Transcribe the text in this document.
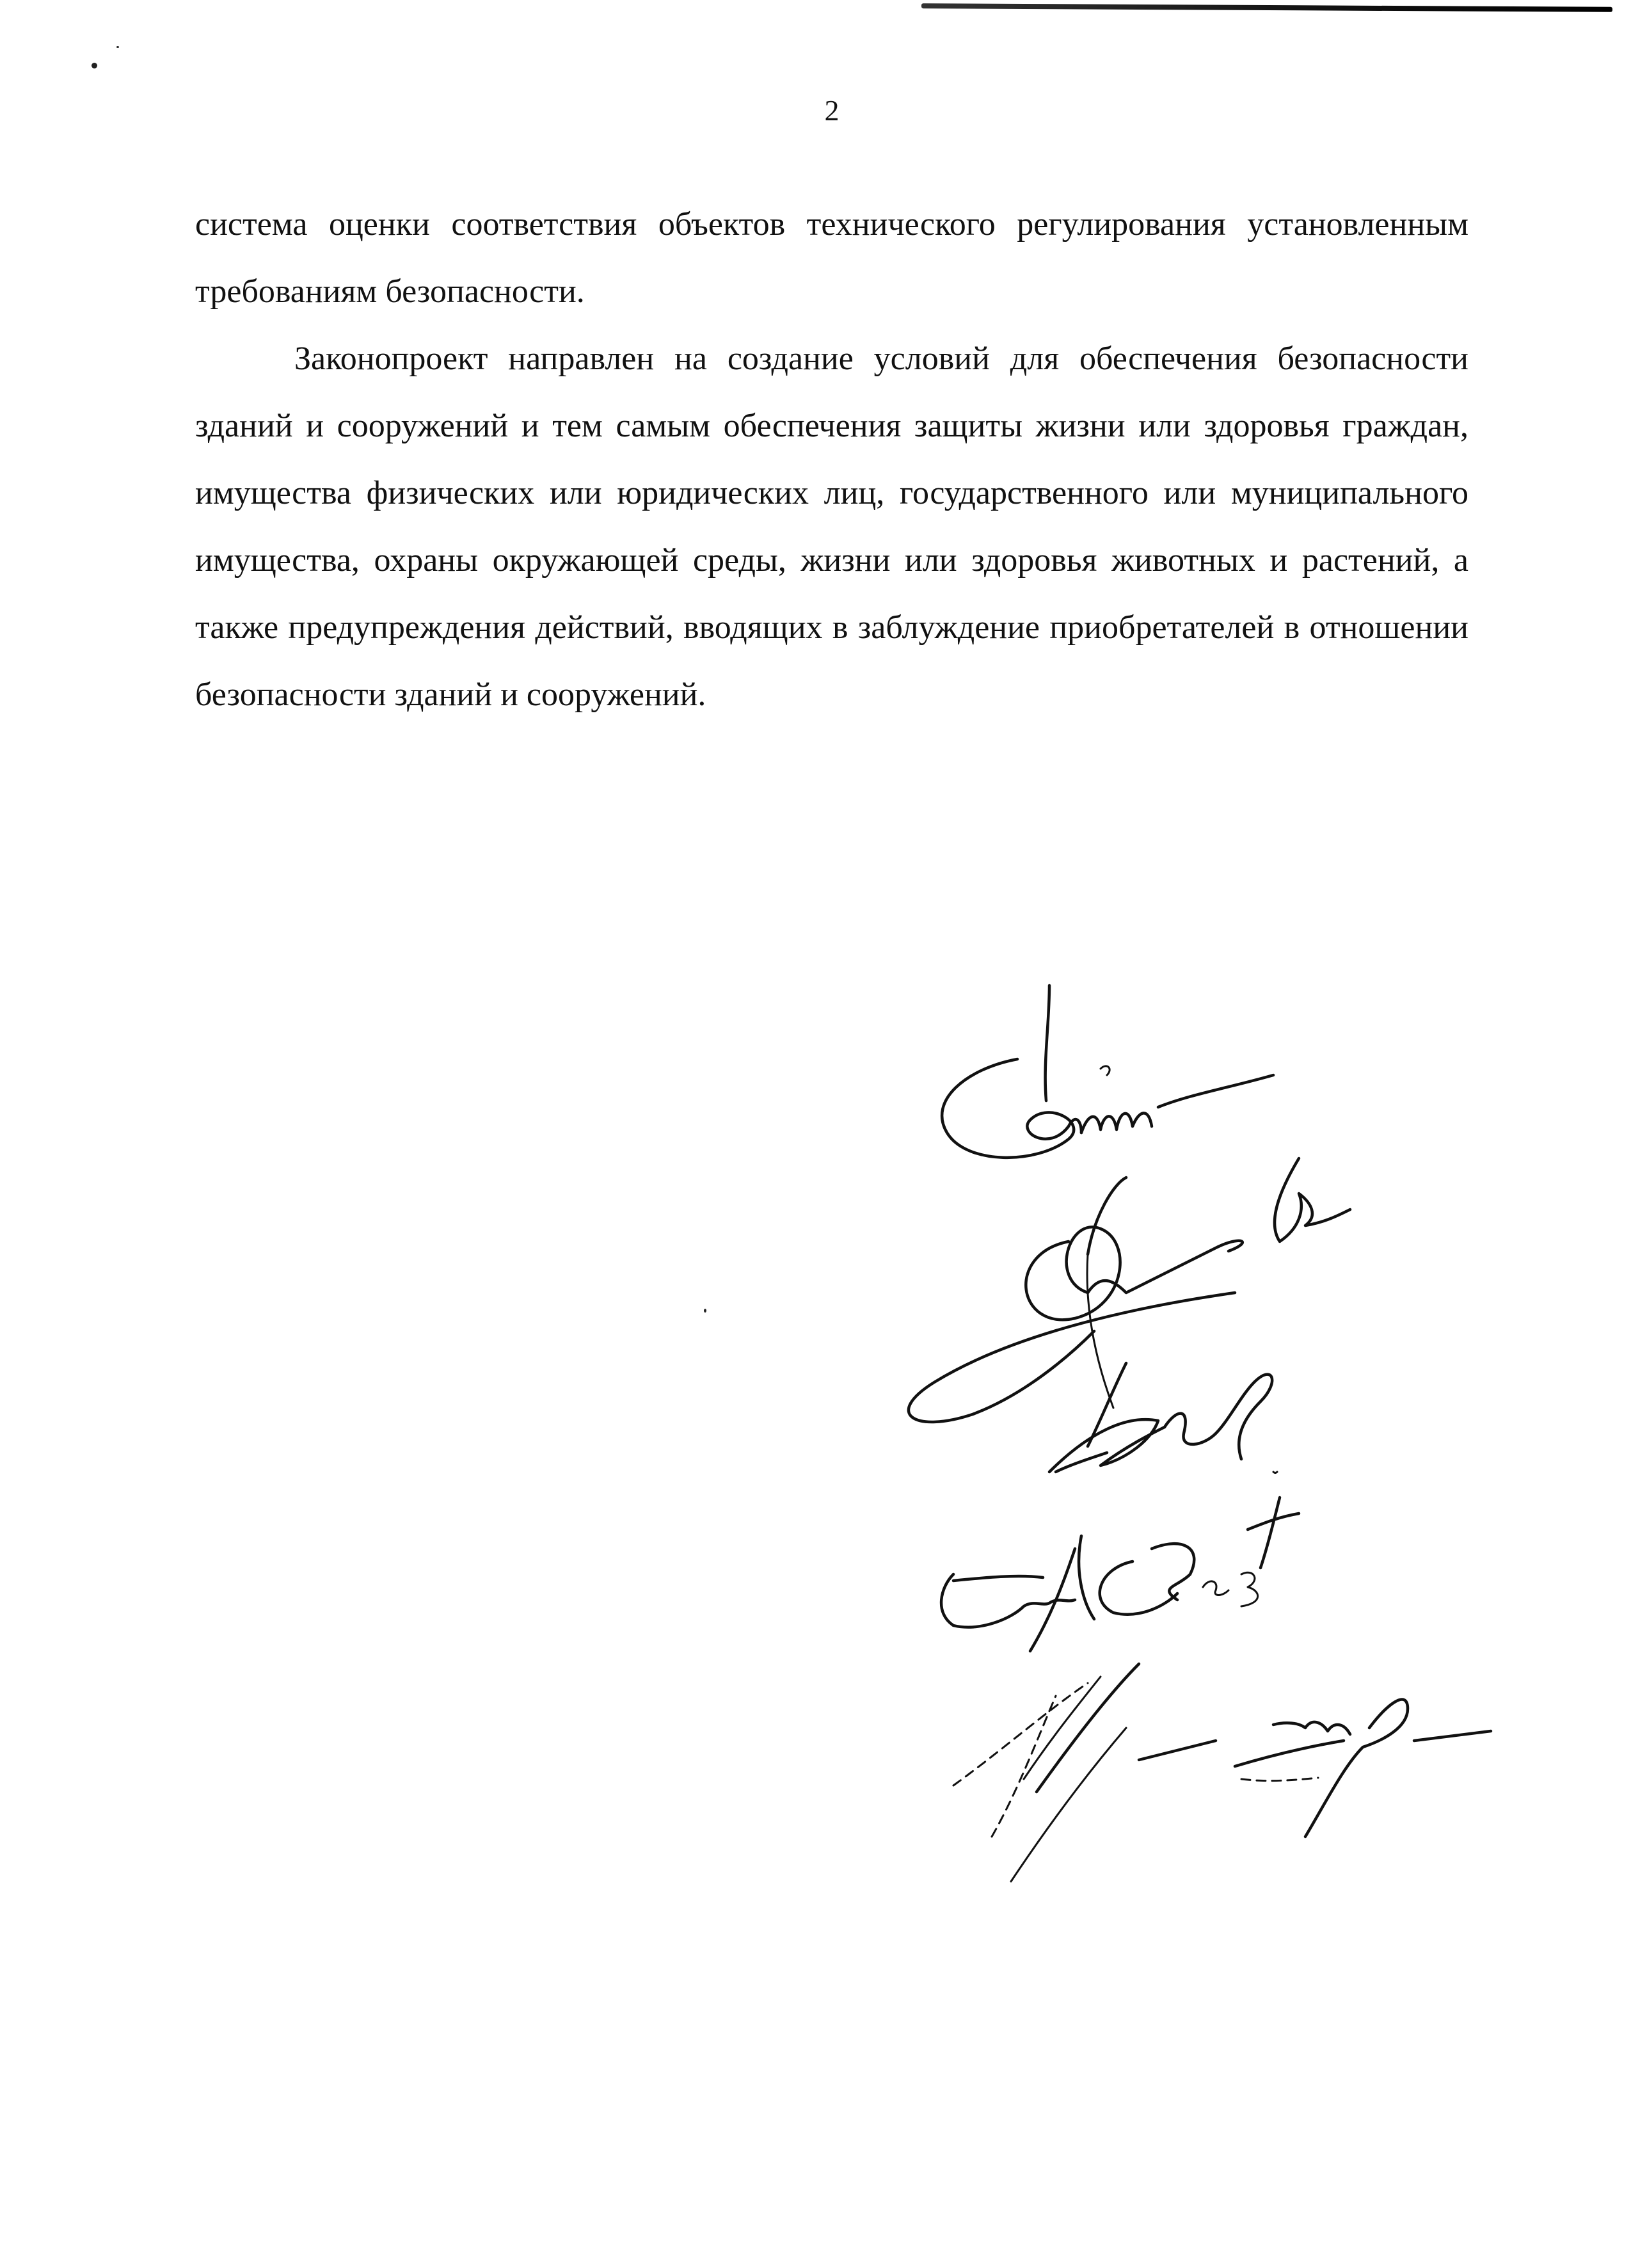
2

система оценки соответствия объектов технического регулирования установленным требованиям безопасности.

Законопроект направлен на создание условий для обеспечения безопасности зданий и сооружений и тем самым обеспечения защиты жизни или здоровья граждан, имущества физических или юридических лиц, государственного или муниципального имущества, охраны окружающей среды, жизни или здоровья животных и растений, а также предупреждения действий, вводящих в заблуждение приобретателей в отношении безопасности зданий и сооружений.
